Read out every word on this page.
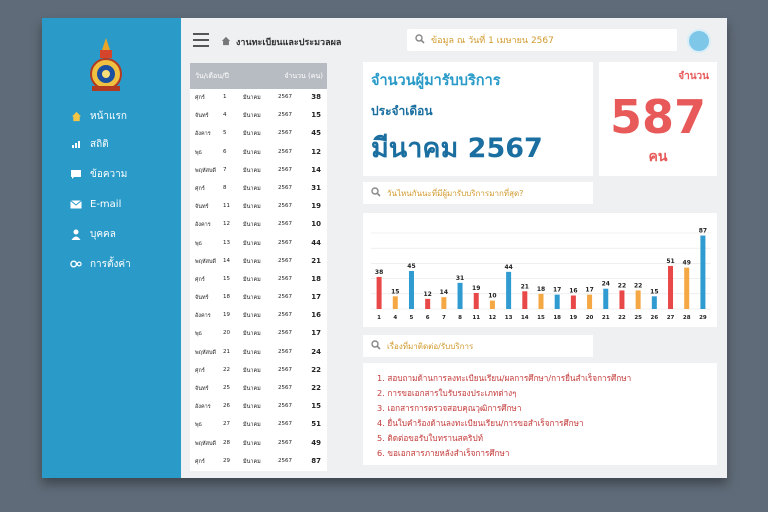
หน้าแรก
สถิติ
ข้อความ
E-mail
บุคคล
การตั้งค่า
งานทะเบียนและประมวลผล	ข้อมูล ณ วันที่ 1 เมษายน 2567
วัน/เดือน/ปี	จำนวน (คน)
ศุกร์	1	มีนาคม	2567	38
จันทร์	4	มีนาคม	2567	15
อังคาร 5	มีนาคม	2567	45
พุธ	6	มีนาคม	2567	12
พฤหัสบดี 7	มีนาคม	2567	14
ศุกร์	8	มีนาคม	2567	31
จันทร์	11 มีนาคม	2567	19
อังคาร 12 มีนาคม	2567	10
พุธ	13 มีนาคม	2567	44
พฤหัสบดี 14 มีนาคม	2567	21
ศุกร์	15 มีนาคม	2567	18
จันทร์	18 มีนาคม	2567	17
อังคาร 19 มีนาคม	2567	16
พุธ	20 มีนาคม	2567	17
พฤหัสบดี 21 มีนาคม	2567	24
ศุกร์	22 มีนาคม	2567	22
จันทร์	25 มีนาคม	2567	22
อังคาร 26 มีนาคม	2567	15
พุธ	27 มีนาคม	2567	51
พฤหัสบดี 28 มีนาคม	2567	49
ศุกร์	29 มีนาคม	2567	87
จำนวนผู้มารับบริการ
ประจำเดือน
มีนาคม 2567
จำนวน
587
คน
วันไหนกันนะที่มีผู้มารับบริการมากที่สุด?
38
1
15
4
45
5
12
6
14
7
31
8
19
11
10
12
44
13
21
14
18
15
17
18
16
19
17
20
24
21
22
22
22
25
15
26
51
27
49
28
87
29
เรื่องที่มาติดต่อ/รับบริการ
1. สอบถามด้านการลงทะเบียนเรียน/ผลการศึกษา/การยื่นสำเร็จการศึกษา
2. การขอเอกสารใบรับรองประเภทต่างๆ
3. เอกสารการตรวจสอบคุณวุฒิการศึกษา
4. ยื่นใบคำร้องด้านลงทะเบียนเรียน/การขอสำเร็จการศึกษา
5. ติดต่อขอรับใบทรานสคริปท์
6. ขอเอกสารภายหลังสำเร็จการศึกษา
